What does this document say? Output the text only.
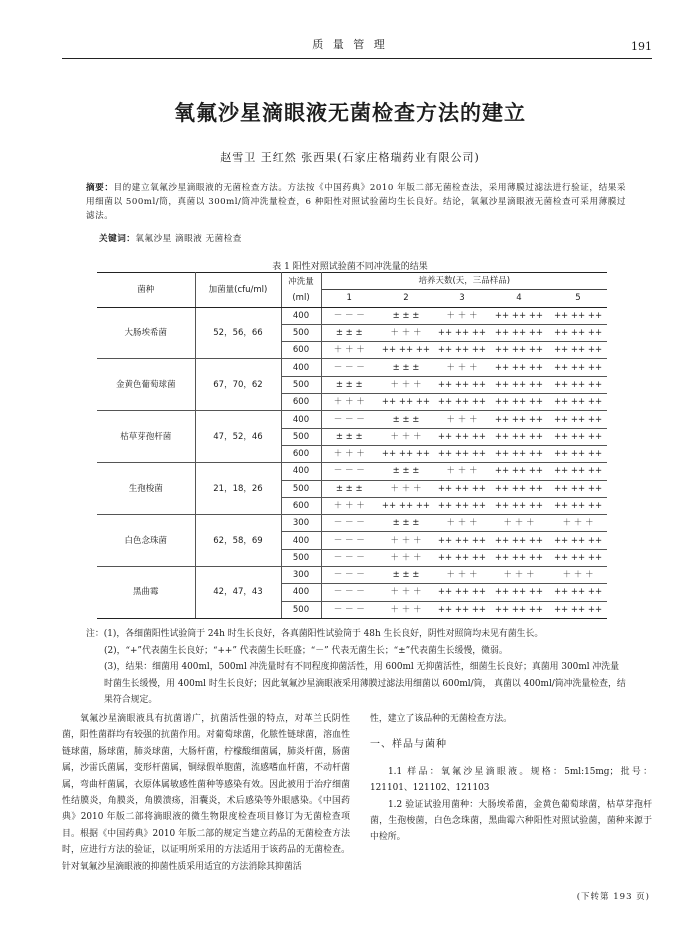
质 量 管 理	191
氧氟沙星滴眼液无菌检查方法的建立
赵雪卫 王红然 张西果(石家庄格瑞药业有限公司)
摘要：目的建立氧氟沙星滴眼液的无菌检查方法。方法按《中国药典》2010 年版二部无菌检查法，采用薄膜过滤法进行验证，结果采用细菌以 500ml/筒，真菌以 300ml/筒冲洗量检查，6 种阳性对照试验菌均生长良好。结论，氧氟沙星滴眼液无菌检查可采用薄膜过滤法。
关键词：氧氟沙星 滴眼液 无菌检查
表 1 阳性对照试验菌不同冲洗量的结果
菌种	加菌量(cfu/ml)	冲洗量
(ml)	培养天数(天，三品样品)				
			1	2	3	4	5
大肠埃希菌	52，56，66	400	－ － －	± ± ±	＋ ＋ ＋	++ ++ ++	++ ++ ++
		500	± ± ±	＋ ＋ ＋	++ ++ ++	++ ++ ++	++ ++ ++
		600	＋ ＋ ＋	++ ++ ++	++ ++ ++	++ ++ ++	++ ++ ++
金黄色葡萄球菌	67，70，62	400	－ － －	± ± ±	＋ ＋ ＋	++ ++ ++	++ ++ ++
		500	± ± ±	＋ ＋ ＋	++ ++ ++	++ ++ ++	++ ++ ++
		600	＋ ＋ ＋	++ ++ ++	++ ++ ++	++ ++ ++	++ ++ ++
枯草芽孢杆菌	47，52，46	400	－ － －	± ± ±	＋ ＋ ＋	++ ++ ++	++ ++ ++
		500	± ± ±	＋ ＋ ＋	++ ++ ++	++ ++ ++	++ ++ ++
		600	＋ ＋ ＋	++ ++ ++	++ ++ ++	++ ++ ++	++ ++ ++
生孢梭菌	21，18，26	400	－ － －	± ± ±	＋ ＋ ＋	++ ++ ++	++ ++ ++
		500	± ± ±	＋ ＋ ＋	++ ++ ++	++ ++ ++	++ ++ ++
		600	＋ ＋ ＋	++ ++ ++	++ ++ ++	++ ++ ++	++ ++ ++
白色念珠菌	62，58，69	300	－ － －	± ± ±	＋ ＋ ＋	＋ ＋ ＋	＋ ＋ ＋
		400	－ － －	＋ ＋ ＋	++ ++ ++	++ ++ ++	++ ++ ++
		500	－ － －	＋ ＋ ＋	++ ++ ++	++ ++ ++	++ ++ ++
黑曲霉	42，47，43	300	－ － －	± ± ±	＋ ＋ ＋	＋ ＋ ＋	＋ ＋ ＋
		400	－ － －	＋ ＋ ＋	++ ++ ++	++ ++ ++	++ ++ ++
		500	－ － －	＋ ＋ ＋	++ ++ ++	++ ++ ++	++ ++ ++

注：(1)，各细菌阳性试验筒于 24h 时生长良好，各真菌阳性试验筒于 48h 生长良好，阴性对照筒均未见有菌生长。

(2)，“+”代表菌生长良好；“++” 代表菌生长旺盛；“－” 代表无菌生长；“±”代表菌生长缓慢，微弱。

(3)，结果：细菌用 400ml，500ml 冲洗量时有不同程度抑菌活性，用 600ml 无抑菌活性，细菌生长良好；真菌用 300ml 冲洗量时菌生长缓慢，用 400ml 时生长良好；因此氧氟沙星滴眼液采用薄膜过滤法用细菌以 600ml/筒， 真菌以 400ml/筒冲洗量检查，结果符合规定。

氧氟沙星滴眼液具有抗菌谱广，抗菌活性强的特点，对革兰氏阴性菌，阳性菌群均有较强的抗菌作用。对葡萄球菌，化脓性链球菌，溶血性链球菌，肠球菌，肺炎球菌，大肠杆菌，柠檬酸细菌属，肺炎杆菌，肠菌属，沙雷氏菌属，变形杆菌属，铜绿假单胞菌，流感嗜血杆菌，不动杆菌属，弯曲杆菌属，衣原体属敏感性菌种等感染有效。因此被用于治疗细菌性结膜炎，角膜炎，角膜溃疡，泪囊炎，术后感染等外眼感染。《中国药典》2010 年版二部将滴眼液的微生物限度检查项目修订为无菌检查项目。根据《中国药典》2010 年版二部的规定当建立药品的无菌检查方法时，应进行方法的验证，以证明所采用的方法适用于该药品的无菌检查。针对氧氟沙星滴眼液的抑菌性质采用适宜的方法消除其抑菌活

性，建立了该品种的无菌检查方法。

一、样品与菌种

1.1 样品：氧氟沙星滴眼液。规格：5ml:15mg；批号：121101、121102、121103

1.2 验证试验用菌种：大肠埃希菌，金黄色葡萄球菌，枯草芽孢杆菌，生孢梭菌，白色念珠菌，黑曲霉六种阳性对照试验菌，菌种来源于中检所。

(下转第 193 页)
